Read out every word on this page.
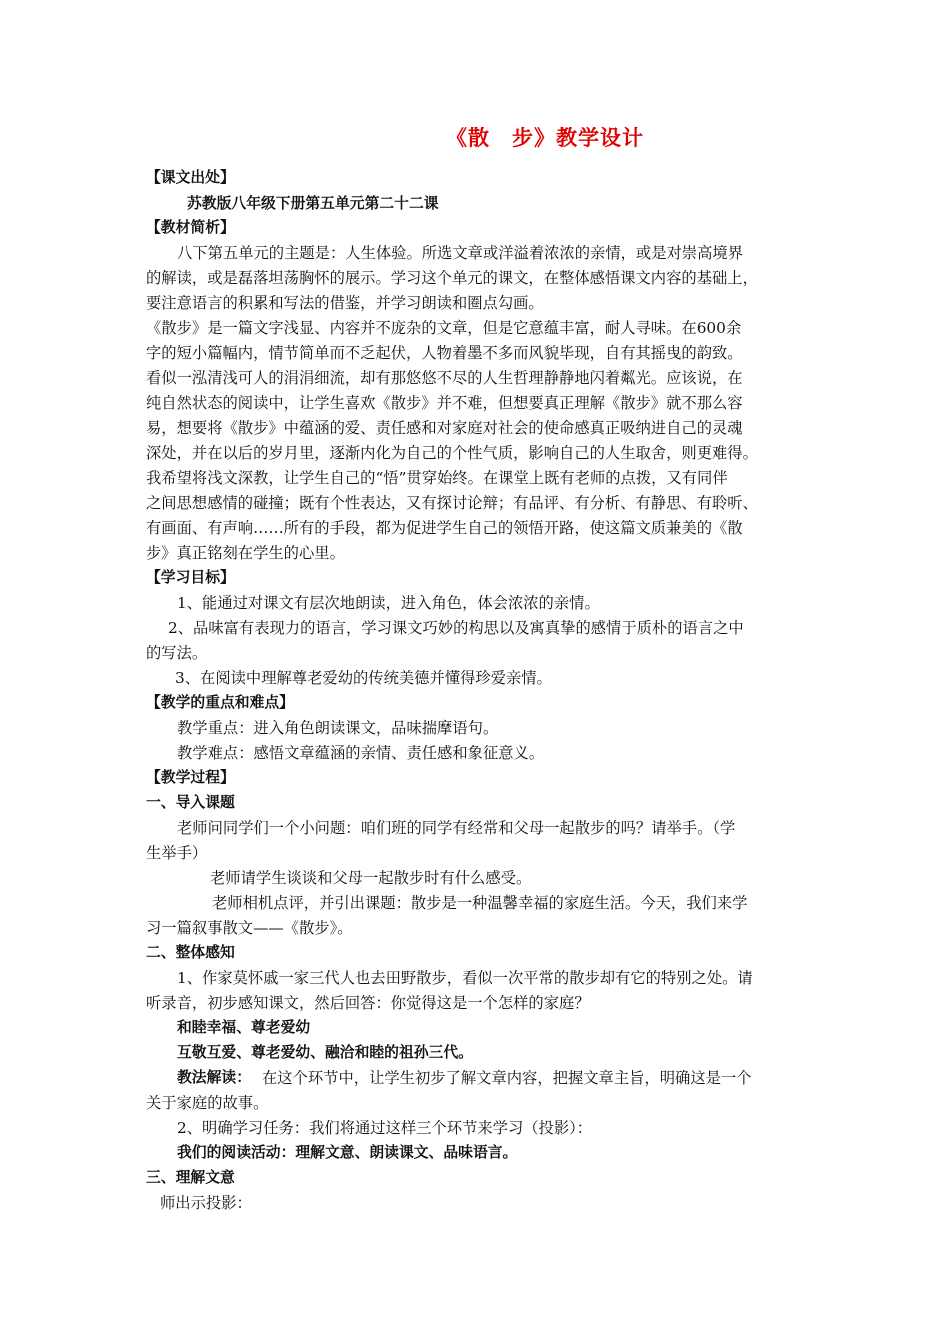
《散　步》教学设计
【课文出处】
苏教版八年级下册第五单元第二十二课
【教材简析】
八下第五单元的主题是：人生体验。所选文章或洋溢着浓浓的亲情，或是对崇高境界
的解读，或是磊落坦荡胸怀的展示。学习这个单元的课文，在整体感悟课文内容的基础上，
要注意语言的积累和写法的借鉴，并学习朗读和圈点勾画。
《散步》是一篇文字浅显、内容并不庞杂的文章，但是它意蕴丰富，耐人寻味。在600余
字的短小篇幅内，情节简单而不乏起伏，人物着墨不多而风貌毕现，自有其摇曳的韵致。
看似一泓清浅可人的涓涓细流，却有那悠悠不尽的人生哲理静静地闪着粼光。应该说，在
纯自然状态的阅读中，让学生喜欢《散步》并不难，但想要真正理解《散步》就不那么容
易，想要将《散步》中蕴涵的爱、责任感和对家庭对社会的使命感真正吸纳进自己的灵魂
深处，并在以后的岁月里，逐渐内化为自己的个性气质，影响自己的人生取舍，则更难得。
我希望将浅文深教，让学生自己的“悟”贯穿始终。在课堂上既有老师的点拨，又有同伴
之间思想感情的碰撞；既有个性表达，又有探讨论辩；有品评、有分析、有静思、有聆听、
有画面、有声响……所有的手段，都为促进学生自己的领悟开路，使这篇文质兼美的《散
步》真正铭刻在学生的心里。
【学习目标】
1、能通过对课文有层次地朗读，进入角色，体会浓浓的亲情。
2、品味富有表现力的语言，学习课文巧妙的构思以及寓真挚的感情于质朴的语言之中
的写法。
3、在阅读中理解尊老爱幼的传统美德并懂得珍爱亲情。
【教学的重点和难点】
教学重点：进入角色朗读课文，品味揣摩语句。
教学难点：感悟文章蕴涵的亲情、责任感和象征意义。
【教学过程】
一、导入课题
老师问同学们一个小问题：咱们班的同学有经常和父母一起散步的吗？请举手。（学
生举手）
老师请学生谈谈和父母一起散步时有什么感受。
老师相机点评，并引出课题：散步是一种温馨幸福的家庭生活。今天，我们来学
习一篇叙事散文——《散步》。
二、整体感知
1、作家莫怀戚一家三代人也去田野散步，看似一次平常的散步却有它的特别之处。请
听录音，初步感知课文，然后回答：你觉得这是一个怎样的家庭？
和睦幸福、尊老爱幼
互敬互爱、尊老爱幼、融洽和睦的祖孙三代。
在这个环节中，让学生初步了解文章内容，把握文章主旨，明确这是一个
关于家庭的故事。
2、明确学习任务：我们将通过这样三个环节来学习（投影）：
我们的阅读活动：理解文意、朗读课文、品味语言。
三、理解文意
师出示投影：
教法解读：
